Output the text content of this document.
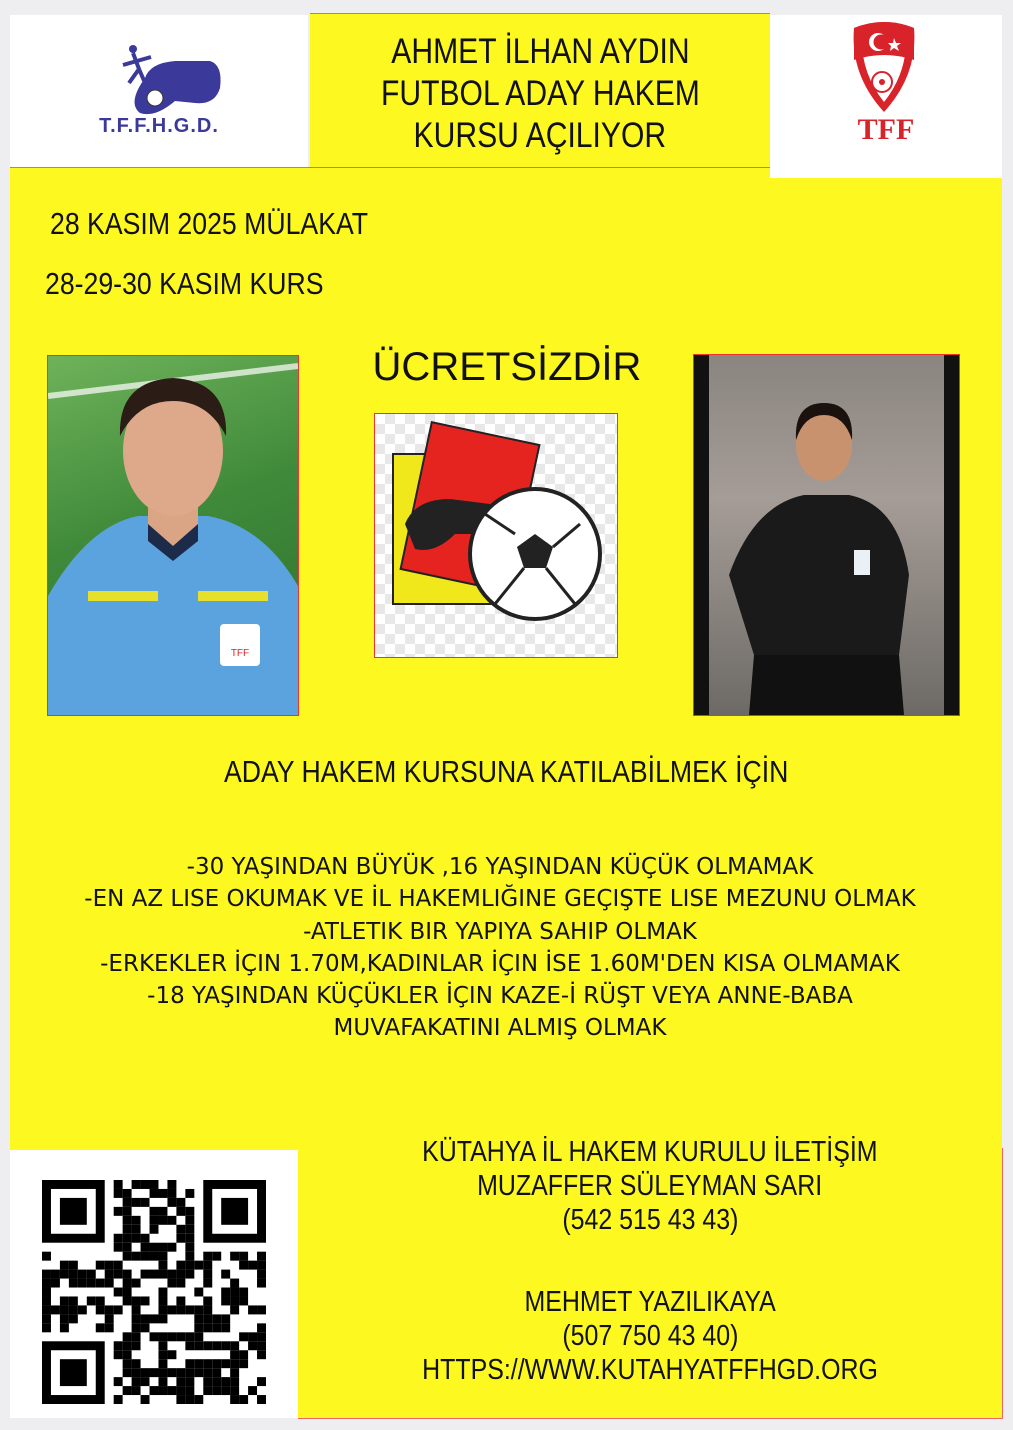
T.F.F.H.G.D.
AHMET İLHAN AYDIN
FUTBOL ADAY HAKEM
KURSU AÇILIYOR	TFF
28 KASIM 2025 MÜLAKAT
28-29-30 KASIM KURS
ÜCRETSİZDİR
TFF
ADAY HAKEM KURSUNA KATILABİLMEK İÇİN
-30 YAŞINDAN BÜYÜK ,16 YAŞINDAN KÜÇÜK OLMAMAK
-EN AZ LISE OKUMAK VE İL HAKEMLIĞINE GEÇIŞTE LISE MEZUNU OLMAK
-ATLETIK BIR YAPIYA SAHIP OLMAK
-ERKEKLER İÇIN 1.70M,KADINLAR İÇIN İSE 1.60M'DEN KISA OLMAMAK
-18 YAŞINDAN KÜÇÜKLER İÇIN KAZE-İ RÜŞT VEYA ANNE-BABA
MUVAFAKATINI ALMIŞ OLMAK
KÜTAHYA İL HAKEM KURULU İLETİŞİM
MUZAFFER SÜLEYMAN SARI
(542 515 43 43)
MEHMET YAZILIKAYA
(507 750 43 40)
HTTPS://WWW.KUTAHYATFFHGD.ORG
